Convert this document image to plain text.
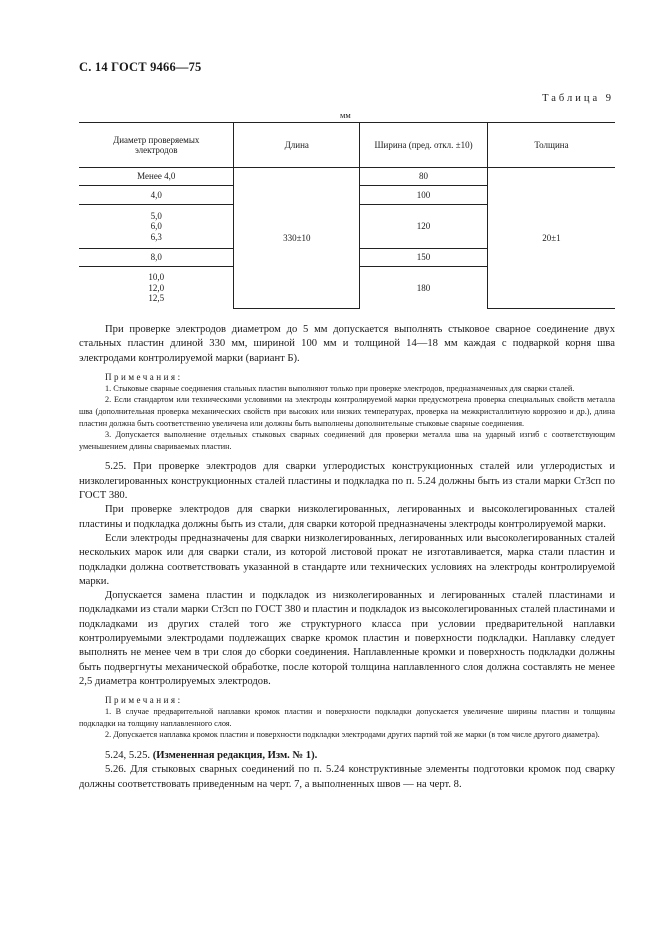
С. 14 ГОСТ 9466—75
Таблица 9
мм
Диаметр проверяемых электродов	Длина	Ширина (пред. откл. ±10)	Толщина
Менее 4,0	330±10	80	20±1
4,0		100	

5,0
6,0
6,3		120	
8,0		150	

10,0
12,0
12,5		180	

При проверке электродов диаметром до 5 мм допускается выполнять стыковое сварное соединение двух стальных пластин длиной 330 мм, шириной 100 мм и толщиной 14—18 мм каждая с подваркой корня шва электродами контролируемой марки (вариант Б).

Примечания:

1. Стыковые сварные соединения стальных пластин выполняют только при проверке электродов, предназначенных для сварки сталей.

2. Если стандартом или техническими условиями на электроды контролируемой марки предусмотрена проверка специальных свойств металла шва (дополнительная проверка механических свойств при высоких или низких температурах, проверка на межкристаллитную коррозию и др.), длина пластин должна быть соответственно увеличена или должны быть выполнены дополнительные стыковые сварные соединения.

3. Допускается выполнение отдельных стыковых сварных соединений для проверки металла шва на ударный изгиб с соответствующим уменьшением длины свариваемых пластин.

5.25. При проверке электродов для сварки углеродистых конструкционных сталей или углеродистых и низколегированных конструкционных сталей пластины и подкладка по п. 5.24 должны быть из стали марки Ст3сп по ГОСТ 380.

При проверке электродов для сварки низколегированных, легированных и высоколегированных сталей пластины и подкладка должны быть из стали, для сварки которой предназначены электроды контролируемой марки.

Если электроды предназначены для сварки низколегированных, легированных или высоколегированных сталей нескольких марок или для сварки стали, из которой листовой прокат не изготавливается, марка стали пластин и подкладки должна соответствовать указанной в стандарте или технических условиях на электроды контролируемой марки.

Допускается замена пластин и подкладок из низколегированных и легированных сталей пластинами и подкладками из стали марки Ст3сп по ГОСТ 380 и пластин и подкладок из высоколегированных сталей пластинами и подкладками из других сталей того же структурного класса при условии предварительной наплавки контролируемыми электродами подлежащих сварке кромок пластин и поверхности подкладки. Наплавку следует выполнять не менее чем в три слоя до сборки соединения. Наплавленные кромки и поверхность подкладки должны быть подвергнуты механической обработке, после которой толщина наплавленного слоя должна составлять не менее 2,5 диаметра контролируемых электродов.

Примечания:

1. В случае предварительной наплавки кромок пластин и поверхности подкладки допускается увеличение ширины пластин и толщины подкладки на толщину наплавленного слоя.

2. Допускается наплавка кромок пластин и поверхности подкладки электродами других партий той же марки (в том числе другого диаметра).

5.24, 5.25. (Измененная редакция, Изм. № 1).

5.26. Для стыковых сварных соединений по п. 5.24 конструктивные элементы подготовки кромок под сварку должны соответствовать приведенным на черт. 7, а выполненных швов — на черт. 8.
